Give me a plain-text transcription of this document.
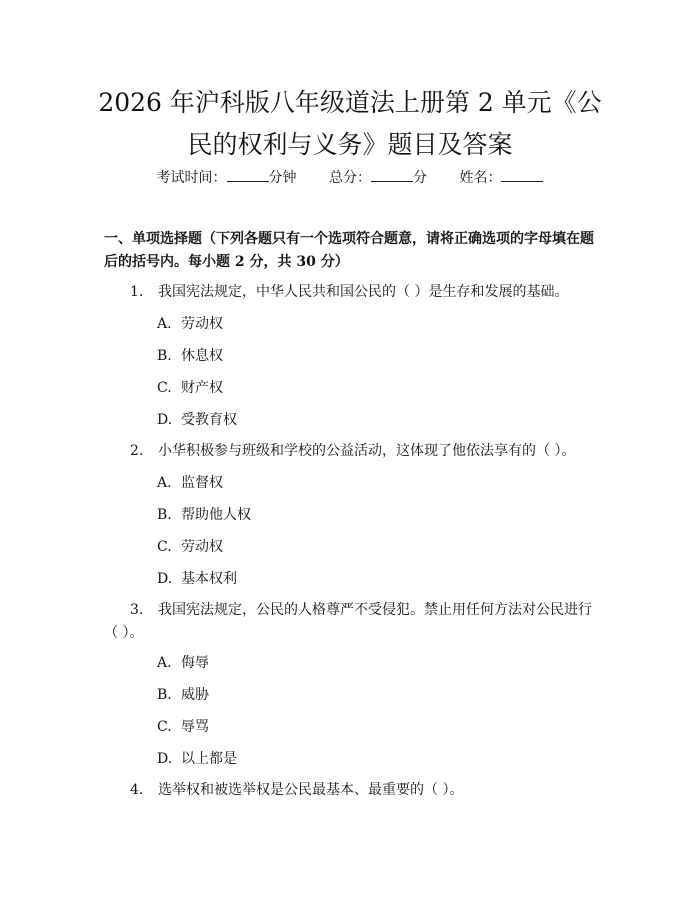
2026 年沪科版八年级道法上册第 2 单元《公
民的权利与义务》题目及答案
考试时间：	分钟 总分：	分 姓名：

一、单项选择题（下列各题只有一个选项符合题意，请将正确选项的字母填在题后的括号内。每小题 2 分，共 30 分）

1.	我国宪法规定，中华人民共和国公民的（ ）是生存和发展的基础。
A. 劳动权
B. 休息权
C. 财产权
D. 受教育权
2.	小华积极参与班级和学校的公益活动，这体现了他依法享有的（ ）。
A. 监督权
B. 帮助他人权
C. 劳动权
D. 基本权利
3.	我国宪法规定，公民的人格尊严不受侵犯。禁止用任何方法对公民进行（ ）。
A. 侮辱
B. 威胁
C. 辱骂
D. 以上都是
4.	选举权和被选举权是公民最基本、最重要的（ ）。
